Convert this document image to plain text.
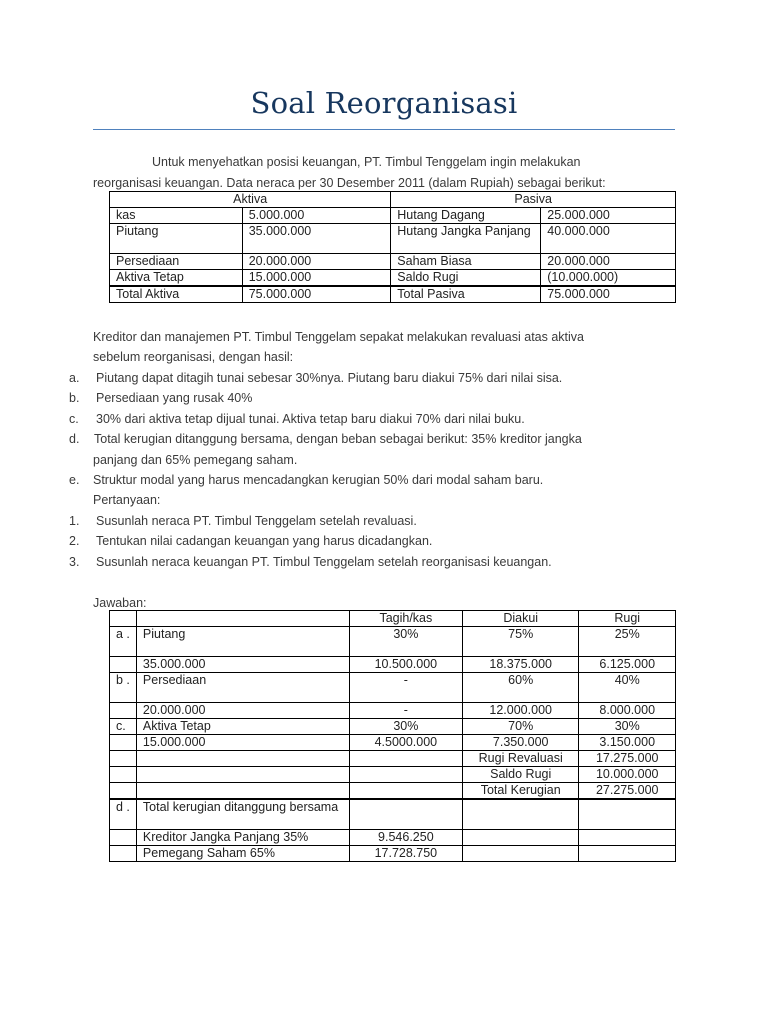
Soal Reorganisasi
Untuk menyehatkan posisi keuangan, PT. Timbul Tenggelam ingin melakukan
reorganisasi keuangan. Data neraca per 30 Desember 2011 (dalam Rupiah) sebagai berikut:
Aktiva		Pasiva	
kas	5.000.000	Hutang Dagang	25.000.000
Piutang	35.000.000	Hutang Jangka Panjang	40.000.000
Persediaan	20.000.000	Saham Biasa	20.000.000
Aktiva Tetap	15.000.000	Saldo Rugi	(10.000.000)
Total Aktiva	75.000.000	Total Pasiva	75.000.000
Kreditor dan manajemen PT. Timbul Tenggelam sepakat melakukan revaluasi atas aktiva
sebelum reorganisasi, dengan hasil:
a. Piutang dapat ditagih tunai sebesar 30%nya. Piutang baru diakui 75% dari nilai sisa.
b. Persediaan yang rusak 40%
c. 30% dari aktiva tetap dijual tunai. Aktiva tetap baru diakui 70% dari nilai buku.
d. Total kerugian ditanggung bersama, dengan beban sebagai berikut: 35% kreditor jangka
panjang dan 65% pemegang saham.
e. Struktur modal yang harus mencadangkan kerugian 50% dari modal saham baru.
Pertanyaan:
1. Susunlah neraca PT. Timbul Tenggelam setelah revaluasi.
2. Tentukan nilai cadangan keuangan yang harus dicadangkan.
3. Susunlah neraca keuangan PT. Timbul Tenggelam setelah reorganisasi keuangan.
Jawaban:
		Tagih/kas	Diakui	Rugi
a .	Piutang	30%	75%	25%
	35.000.000	10.500.000	18.375.000	6.125.000
b .	Persediaan	-	60%	40%
	20.000.000	-	12.000.000	8.000.000
c.	Aktiva Tetap	30%	70%	30%
	15.000.000	4.5000.000	7.350.000	3.150.000
			Rugi Revaluasi	17.275.000
			Saldo Rugi	10.000.000
			Total Kerugian	27.275.000
d .	Total kerugian ditanggung bersama			
	Kreditor Jangka Panjang 35%	9.546.250		
	Pemegang Saham 65%	17.728.750		
